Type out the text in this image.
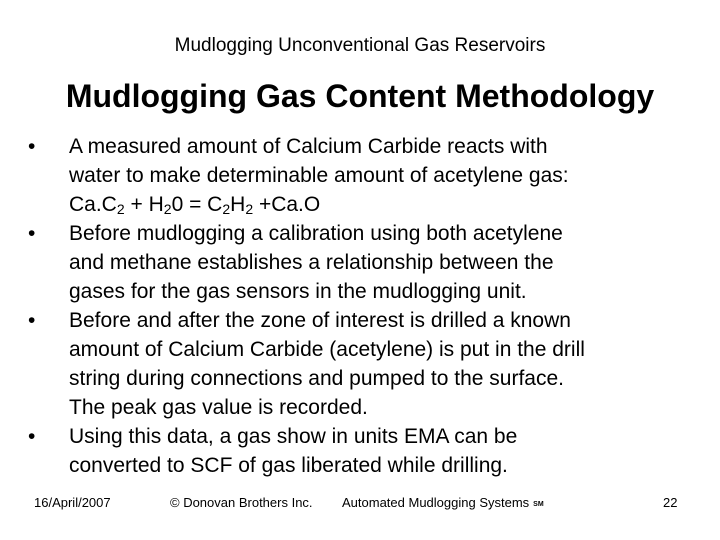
Mudlogging Unconventional Gas Reservoirs
Mudlogging Gas Content Methodology
•
A measured amount of Calcium Carbide reacts with
water to make determinable amount of acetylene gas:
$Ca.C_2 + H_20 = C_2H_2 +Ca.O$
•
Before mudlogging a calibration using both acetylene
and methane establishes a relationship between the
gases for the gas sensors in the mudlogging unit.
•
Before and after the zone of interest is drilled a known
amount of Calcium Carbide (acetylene) is put in the drill
string during connections and pumped to the surface.
The peak gas value is recorded.
•
Using this data, a gas show in units EMA can be
converted to SCF of gas liberated while drilling.
16/April/2007	© Donovan Brothers Inc. Automated Mudlogging Systems SM	22
